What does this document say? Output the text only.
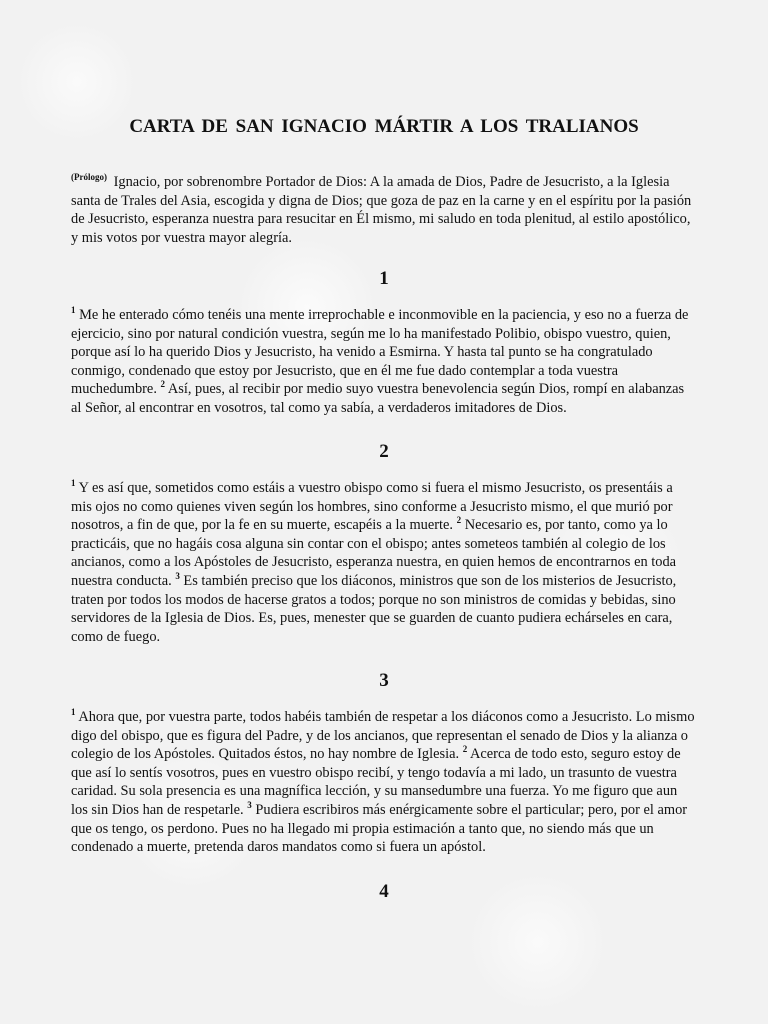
CARTA DE SAN IGNACIO MÁRTIR A LOS TRALIANOS
$^{(Prólogo)}$ Ignacio, por sobrenombre Portador de Dios: A la amada de Dios, Padre de Jesucristo, a la Iglesia santa de Trales del Asia, escogida y digna de Dios; que goza de paz en la carne y en el espíritu por la pasión de Jesucristo, esperanza nuestra para resucitar en Él mismo, mi saludo en toda plenitud, al estilo apostólico, y mis votos por vuestra mayor alegría.
1
$^1$ Me he enterado cómo tenéis una mente irreprochable e inconmovible en la paciencia, y eso no a fuerza de ejercicio, sino por natural condición vuestra, según me lo ha manifestado Polibio, obispo vuestro, quien, porque así lo ha querido Dios y Jesucristo, ha venido a Esmirna. Y hasta tal punto se ha congratulado conmigo, condenado que estoy por Jesucristo, que en él me fue dado contemplar a toda vuestra muchedumbre. $^2$ Así, pues, al recibir por medio suyo vuestra benevolencia según Dios, rompí en alabanzas al Señor, al encontrar en vosotros, tal como ya sabía, a verdaderos imitadores de Dios.
2
$^1$ Y es así que, sometidos como estáis a vuestro obispo como si fuera el mismo Jesucristo, os presentáis a mis ojos no como quienes viven según los hombres, sino conforme a Jesucristo mismo, el que murió por nosotros, a fin de que, por la fe en su muerte, escapéis a la muerte. $^2$ Necesario es, por tanto, como ya lo practicáis, que no hagáis cosa alguna sin contar con el obispo; antes someteos también al colegio de los ancianos, como a los Apóstoles de Jesucristo, esperanza nuestra, en quien hemos de encontrarnos en toda nuestra conducta. $^3$ Es también preciso que los diáconos, ministros que son de los misterios de Jesucristo, traten por todos los modos de hacerse gratos a todos; porque no son ministros de comidas y bebidas, sino servidores de la Iglesia de Dios. Es, pues, menester que se guarden de cuanto pudiera echárseles en cara, como de fuego.
3
$^1$ Ahora que, por vuestra parte, todos habéis también de respetar a los diáconos como a Jesucristo. Lo mismo digo del obispo, que es figura del Padre, y de los ancianos, que representan el senado de Dios y la alianza o colegio de los Apóstoles. Quitados éstos, no hay nombre de Iglesia. $^2$ Acerca de todo esto, seguro estoy de que así lo sentís vosotros, pues en vuestro obispo recibí, y tengo todavía a mi lado, un trasunto de vuestra caridad. Su sola presencia es una magnífica lección, y su mansedumbre una fuerza. Yo me figuro que aun los sin Dios han de respetarle. $^3$ Pudiera escribiros más enérgicamente sobre el particular; pero, por el amor que os tengo, os perdono. Pues no ha llegado mi propia estimación a tanto que, no siendo más que un condenado a muerte, pretenda daros mandatos como si fuera un apóstol.
4
